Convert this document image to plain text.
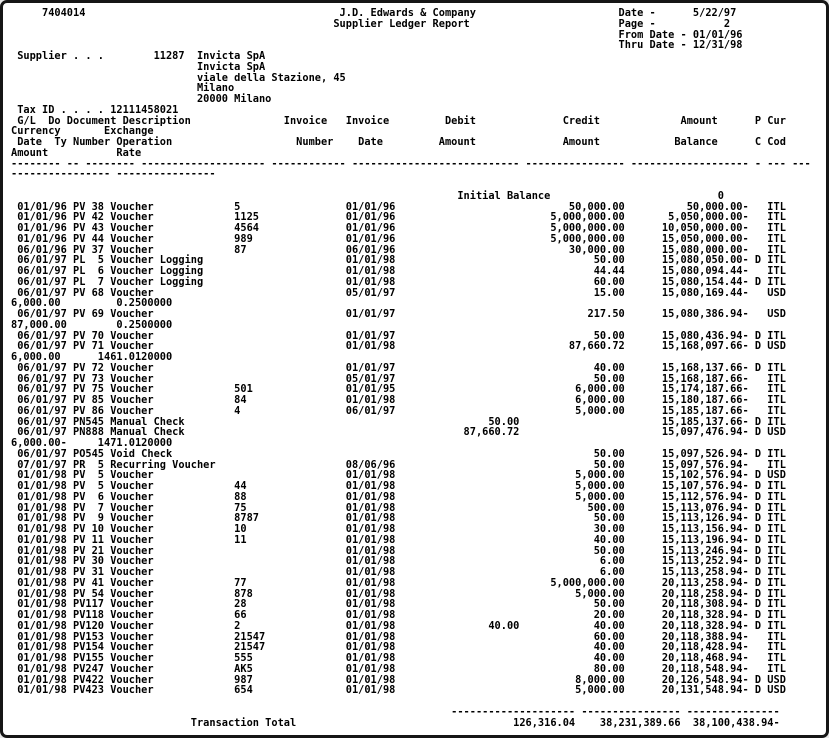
7404014                                         J.D. Edwards & Company                       Date -      5/22/97
Supplier Ledger Report                        Page -           2
From Date - 01/01/96
Thru Date - 12/31/98
Supplier . . .        11287  Invicta SpA
Invicta SpA
viale della Stazione, 45
Milano
20000 Milano
Tax ID . . . . 12111458021
G/L  Do Document Description               Invoice   Invoice         Debit              Credit             Amount      P Cur
Currency       Exchange
Date  Ty Number Operation                    Number    Date         Amount              Amount            Balance      C Cod
Amount           Rate
-------- -- -------- -------------------- ------------ --------------------------- ---------------- ------------------- - --- ---
---------------- ----------------

Initial Balance                           0
01/01/96 PV 38 Voucher             5                 01/01/96                            50,000.00          50,000.00-   ITL
01/01/96 PV 42 Voucher             1125              01/01/96                         5,000,000.00       5,050,000.00-   ITL
01/01/96 PV 43 Voucher             4564              01/01/96                         5,000,000.00      10,050,000.00-   ITL
01/01/96 PV 44 Voucher             989               01/01/96                         5,000,000.00      15,050,000.00-   ITL
06/01/96 PV 37 Voucher             87                06/01/96                            30,000.00      15,080,000.00-   ITL
06/01/97 PL  5 Voucher Logging                       01/01/98                                50.00      15,080,050.00- D ITL
06/01/97 PL  6 Voucher Logging                       01/01/98                                44.44      15,080,094.44-   ITL
06/01/97 PL  7 Voucher Logging                       01/01/98                                60.00      15,080,154.44- D ITL
06/01/97 PV 68 Voucher                               05/01/97                                15.00      15,080,169.44-   USD
6,000.00         0.2500000
06/01/97 PV 69 Voucher                               01/01/97                               217.50      15,080,386.94-   USD
87,000.00        0.2500000
06/01/97 PV 70 Voucher                               01/01/97                                50.00      15,080,436.94- D ITL
06/01/97 PV 71 Voucher                               01/01/98                            87,660.72      15,168,097.66- D USD
6,000.00      1461.0120000
06/01/97 PV 72 Voucher                               01/01/97                                40.00      15,168,137.66- D ITL
06/01/97 PV 73 Voucher                               05/01/97                                50.00      15,168,187.66-   ITL
06/01/97 PV 75 Voucher             501               01/01/95                             6,000.00      15,174,187.66-   ITL
06/01/97 PV 85 Voucher             84                01/01/98                             6,000.00      15,180,187.66-   ITL
06/01/97 PV 86 Voucher             4                 06/01/97                             5,000.00      15,185,187.66-   ITL
06/01/97 PN545 Manual Check                                                 50.00                       15,185,137.66- D ITL
06/01/97 PN888 Manual Check                                             87,660.72                       15,097,476.94- D USD
6,000.00-     1471.0120000
06/01/97 PO545 Void Check                                                                    50.00      15,097,526.94- D ITL
07/01/97 PR  5 Recurring Voucher                     08/06/96                                50.00      15,097,576.94-   ITL
01/01/98 PV  5 Voucher                               01/01/98                             5,000.00      15,102,576.94- D USD
01/01/98 PV  5 Voucher             44                01/01/98                             5,000.00      15,107,576.94- D ITL
01/01/98 PV  6 Voucher             88                01/01/98                             5,000.00      15,112,576.94- D ITL
01/01/98 PV  7 Voucher             75                01/01/98                               500.00      15,113,076.94- D ITL
01/01/98 PV  9 Voucher             8787              01/01/98                                50.00      15,113,126.94- D ITL
01/01/98 PV 10 Voucher             10                01/01/98                                30.00      15,113,156.94- D ITL
01/01/98 PV 11 Voucher             11                01/01/98                                40.00      15,113,196.94- D ITL
01/01/98 PV 21 Voucher                               01/01/98                                50.00      15,113,246.94- D ITL
01/01/98 PV 30 Voucher                               01/01/98                                 6.00      15,113,252.94- D ITL
01/01/98 PV 31 Voucher                               01/01/98                                 6.00      15,113,258.94- D ITL
01/01/98 PV 41 Voucher             77                01/01/98                         5,000,000.00      20,113,258.94- D ITL
01/01/98 PV 54 Voucher             878               01/01/98                             5,000.00      20,118,258.94- D ITL
01/01/98 PV117 Voucher             28                01/01/98                                50.00      20,118,308.94- D ITL
01/01/98 PV118 Voucher             66                01/01/98                                20.00      20,118,328.94- D ITL
01/01/98 PV120 Voucher             2                 01/01/98               40.00            40.00      20,118,328.94- D ITL
01/01/98 PV153 Voucher             21547             01/01/98                                60.00      20,118,388.94-   ITL
01/01/98 PV154 Voucher             21547             01/01/98                                40.00      20,118,428.94-   ITL
01/01/98 PV155 Voucher             555               01/01/98                                40.00      20,118,468.94-   ITL
01/01/98 PV247 Voucher             AK5               01/01/98                                80.00      20,118,548.94-   ITL
01/01/98 PV422 Voucher             987               01/01/98                             8,000.00      20,126,548.94- D USD
01/01/98 PV423 Voucher             654               01/01/98                             5,000.00      20,131,548.94- D USD

-------------------- ---------------- ---------------
Transaction Total                                   126,316.04    38,231,389.66  38,100,438.94-
